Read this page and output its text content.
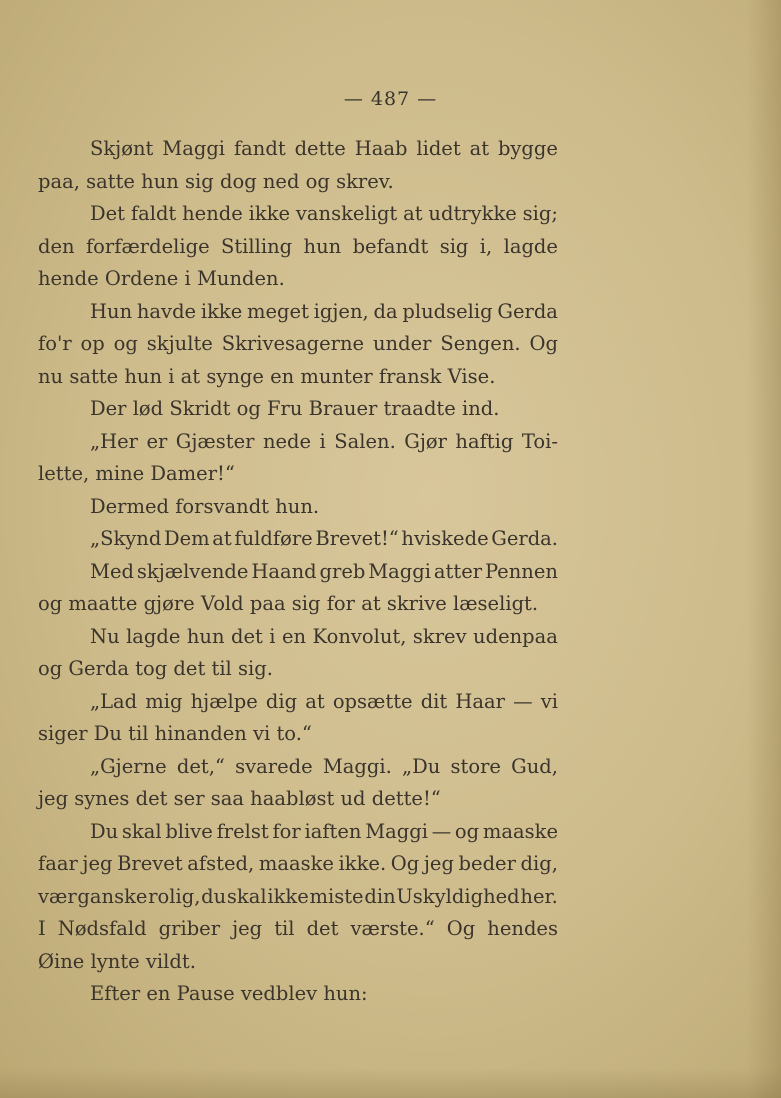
— 487 —
Skjønt Maggi fandt dette Haab lidet at bygge
paa, satte hun sig dog ned og skrev.
Det faldt hende ikke vanskeligt at udtrykke sig;
den forfærdelige Stilling hun befandt sig i, lagde
hende Ordene i Munden.
Hun havde ikke meget igjen, da pludselig Gerda
fo'r op og skjulte Skrivesagerne under Sengen. Og
nu satte hun i at synge en munter fransk Vise.
Der lød Skridt og Fru Brauer traadte ind.
„Her er Gjæster nede i Salen. Gjør haftig Toi-
lette, mine Damer!“
Dermed forsvandt hun.
„Skynd Dem at fuldføre Brevet!“ hviskede Gerda.
Med skjælvende Haand greb Maggi atter Pennen
og maatte gjøre Vold paa sig for at skrive læseligt.
Nu lagde hun det i en Konvolut, skrev udenpaa
og Gerda tog det til sig.
„Lad mig hjælpe dig at opsætte dit Haar — vi
siger Du til hinanden vi to.“
„Gjerne det,“ svarede Maggi. „Du store Gud,
jeg synes det ser saa haabløst ud dette!“
Du skal blive frelst for iaften Maggi — og maaske
faar jeg Brevet afsted, maaske ikke. Og jeg beder dig,
vær ganske rolig, du skal ikke miste din Uskyldighed her.
I Nødsfald griber jeg til det værste.“ Og hendes
Øine lynte vildt.
Efter en Pause vedblev hun:
